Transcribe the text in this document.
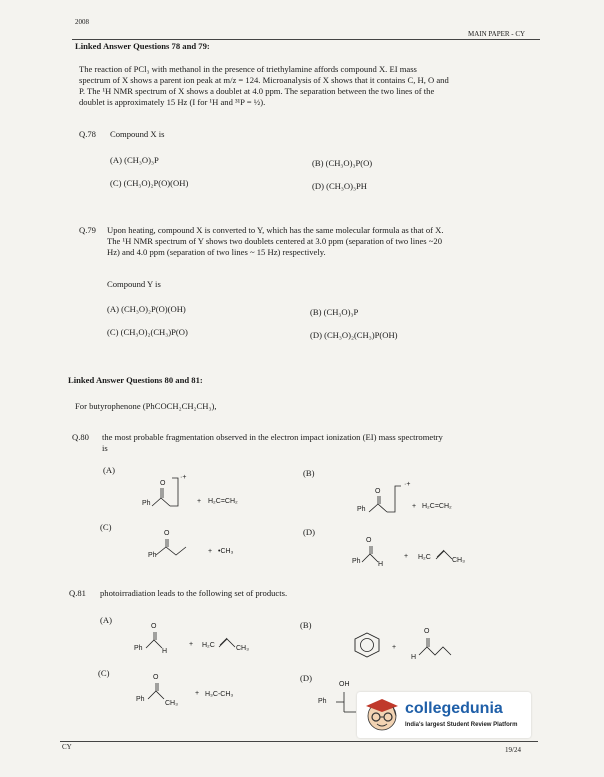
2008
MAIN PAPER - CY
Linked Answer Questions 78 and 79:
The reaction of PCl₃ with methanol in the presence of triethylamine affords compound X. EI mass
spectrum of X shows a parent ion peak at m/z = 124. Microanalysis of X shows that it contains C, H, O and
P. The ¹H NMR spectrum of X shows a doublet at 4.0 ppm. The separation between the two lines of the
doublet is approximately 15 Hz (I for ¹H and ³¹P = ½).
Q.78 Compound X is
(A) (CH₃O)₃P	(B) (CH₃O)₃P(O)
(C) (CH₃O)₂P(O)(OH)	(D) (CH₃O)₃PH
Q.79 Upon heating, compound X is converted to Y, which has the same molecular formula as that of X.
The ¹H NMR spectrum of Y shows two doublets centered at 3.0 ppm (separation of two lines ~20
Hz) and 4.0 ppm (separation of two lines ~ 15 Hz) respectively.
Compound Y is
(A) (CH₃O)₂P(O)(OH)	(B) (CH₃O)₃P
(C) (CH₃O)₂(CH₃)P(O)	(D) (CH₃O)₂(CH₃)P(OH)
Linked Answer Questions 80 and 81:
For butyrophenone (PhCOCH₂CH₂CH₃),
Q.80 the most probable fragmentation observed in the electron impact ionization (EI) mass spectrometry
is
(A)	(B)
(C)	(D)
O
Ph
·+
+ H₂C=CH₂
O
Ph
·+
+ H₂C=CH₂
O
Ph
+ •CH₃
O
Ph H
+ H₂C	CH₃
Q.81 photoirradiation leads to the following set of products.
(A)	(B)
(C)	(D)
O
Ph	H
+ H₂C	CH₃	+
O
H
O
Ph
CH₃
+ H₃C-CH₃
OH
Ph	collegedunia
India's largest Student Review Platform
CY	19/24
